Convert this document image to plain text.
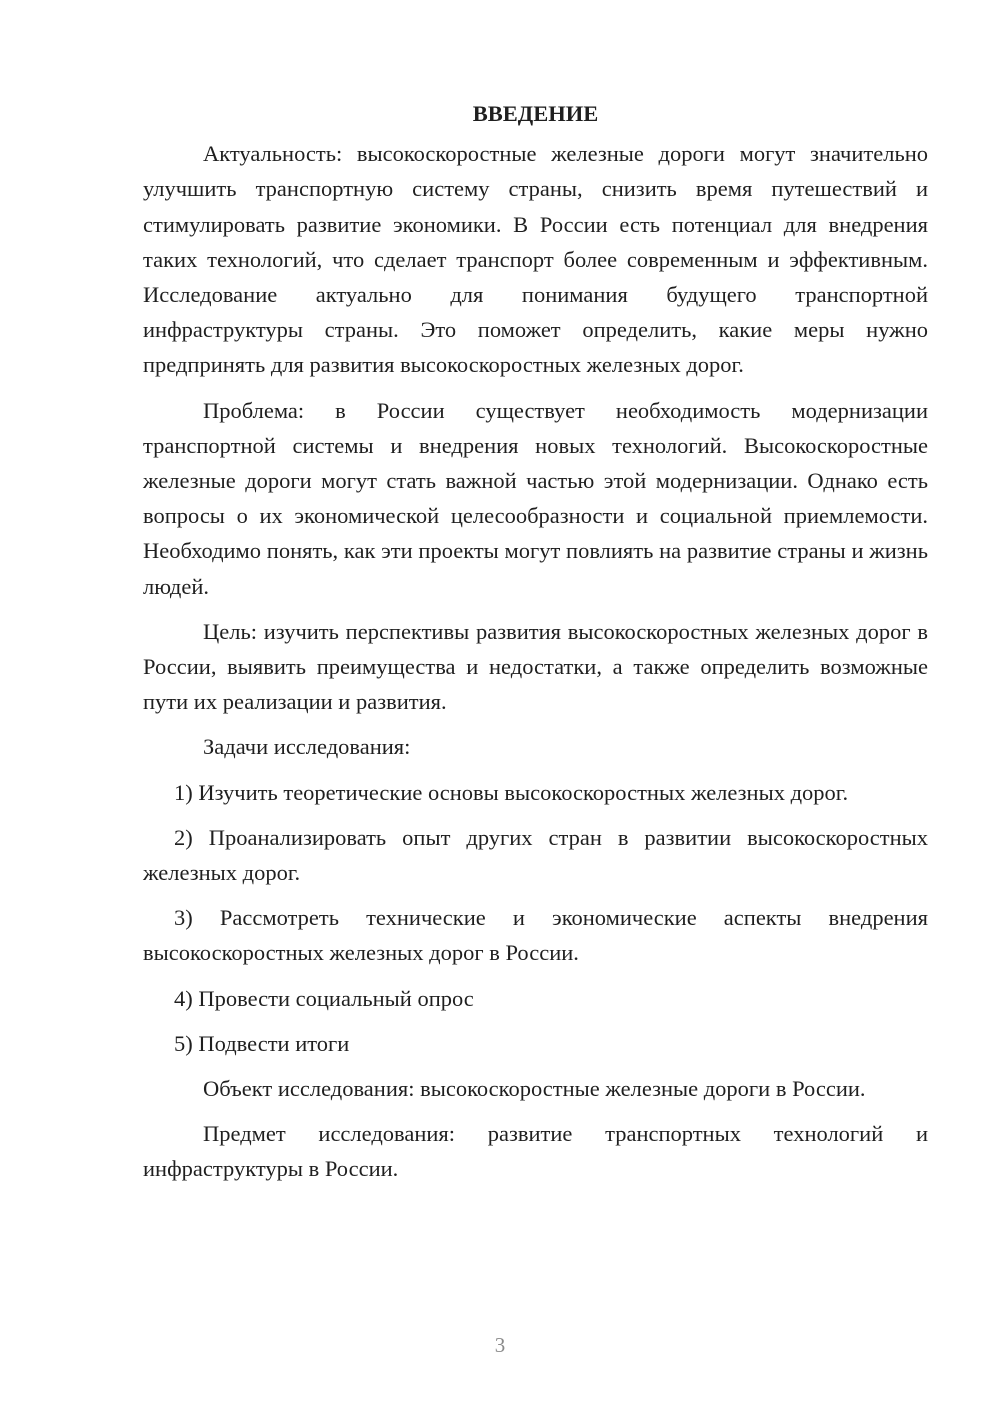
ВВЕДЕНИЕ

Актуальность: высокоскоростные железные дороги могут значительно улучшить транспортную систему страны, снизить время путешествий и стимулировать развитие экономики. В России есть потенциал для внедрения таких технологий, что сделает транспорт более современным и эффективным. Исследование актуально для понимания будущего транспортной инфраструктуры страны. Это поможет определить, какие меры нужно предпринять для развития высокоскоростных железных дорог.

Проблема: в России существует необходимость модернизации транспортной системы и внедрения новых технологий. Высокоскоростные железные дороги могут стать важной частью этой модернизации. Однако есть вопросы о их экономической целесообразности и социальной приемлемости. Необходимо понять, как эти проекты могут повлиять на развитие страны и жизнь людей.

Цель: изучить перспективы развития высокоскоростных железных дорог в России, выявить преимущества и недостатки, а также определить возможные пути их реализации и развития.

Задачи исследования:

1) Изучить теоретические основы высокоскоростных железных дорог.

2) Проанализировать опыт других стран в развитии высокоскоростных железных дорог.

3) Рассмотреть технические и экономические аспекты внедрения высокоскоростных железных дорог в России.

4) Провести социальный опрос

5) Подвести итоги

Объект исследования: высокоскоростные железные дороги в России.

Предмет исследования: развитие транспортных технологий и инфраструктуры в России.

3
